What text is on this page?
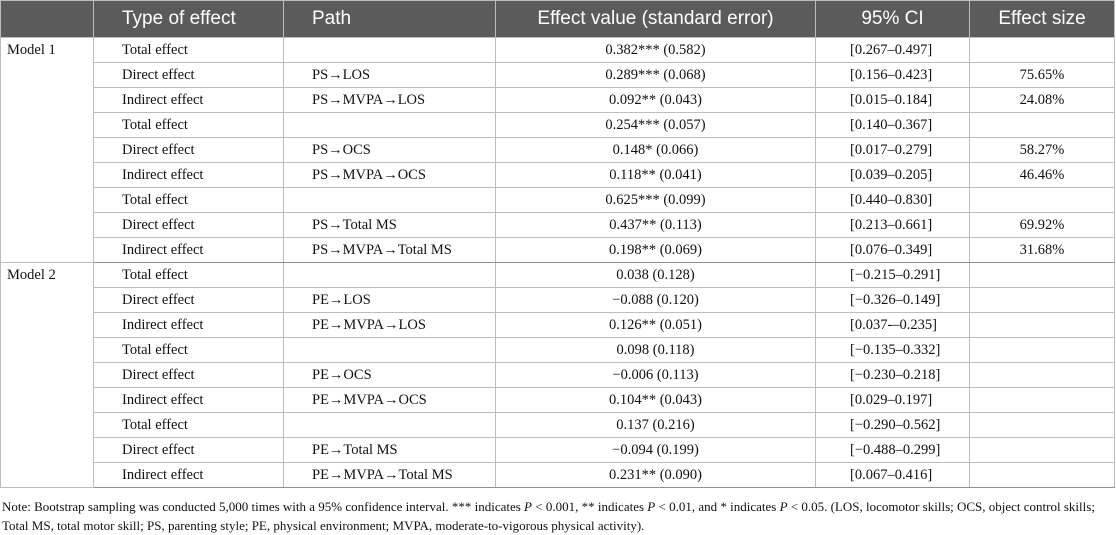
	Type of effect	Path	Effect value (standard error)	95% CI	Effect size
Model 1	Total effect		0.382*** (0.582)	[0.267–0.497]	
	Direct effect	PS→LOS	0.289*** (0.068)	[0.156–0.423]	75.65%
	Indirect effect	PS→MVPA→LOS	0.092** (0.043)	[0.015–0.184]	24.08%
	Total effect		0.254*** (0.057)	[0.140–0.367]	
	Direct effect	PS→OCS	0.148* (0.066)	[0.017–0.279]	58.27%
	Indirect effect	PS→MVPA→OCS	0.118** (0.041)	[0.039–0.205]	46.46%
	Total effect		0.625*** (0.099)	[0.440–0.830]	
	Direct effect	PS→Total MS	0.437** (0.113)	[0.213–0.661]	69.92%
	Indirect effect	PS→MVPA→Total MS	0.198** (0.069)	[0.076–0.349]	31.68%
Model 2	Total effect		0.038 (0.128)	[−0.215–0.291]	
	Direct effect	PE→LOS	−0.088 (0.120)	[−0.326–0.149]	
	Indirect effect	PE→MVPA→LOS	0.126** (0.051)	[0.037-–0.235]	
	Total effect		0.098 (0.118)	[−0.135–0.332]	
	Direct effect	PE→OCS	−0.006 (0.113)	[−0.230–0.218]	
	Indirect effect	PE→MVPA→OCS	0.104** (0.043)	[0.029–0.197]	
	Total effect		0.137 (0.216)	[−0.290–0.562]	
	Direct effect	PE→Total MS	−0.094 (0.199)	[−0.488–0.299]	
	Indirect effect	PE→MVPA→Total MS	0.231** (0.090)	[0.067–0.416]	
Note: Bootstrap sampling was conducted 5,000 times with a 95% confidence interval. *** indicates P < 0.001, ** indicates P < 0.01, and * indicates P < 0.05. (LOS, locomotor skills; OCS, object control skills; Total MS, total motor skill; PS, parenting style; PE, physical environment; MVPA, moderate-to-vigorous physical activity).
